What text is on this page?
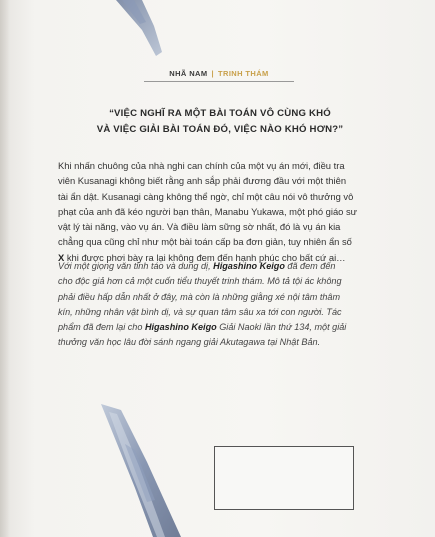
NHÃ NAM | TRINH THÁM
“VIỆC NGHĨ RA MỘT BÀI TOÁN VÔ CÙNG KHÓ
VÀ VIỆC GIẢI BÀI TOÁN ĐÓ, VIỆC NÀO KHÓ HƠN?”
Khi nhấn chuông của nhà nghi can chính của một vụ án mới, điều tra
viên Kusanagi không biết rằng anh sắp phải đương đầu với một thiên
tài ẩn dật. Kusanagi càng không thể ngờ, chỉ một câu nói vô thưởng vô
phạt của anh đã kéo người bạn thân, Manabu Yukawa, một phó giáo sư
vật lý tài năng, vào vụ án. Và điều làm sững sờ nhất, đó là vụ án kia
chẳng qua cũng chỉ như một bài toán cấp ba đơn giản, tuy nhiên ẩn số
X khi được phơi bày ra lại không đem đến hạnh phúc cho bất cứ ai…
Với một giọng văn tỉnh táo và dung dị, Higashino Keigo đã đem đến
cho độc giả hơn cả một cuốn tiểu thuyết trinh thám. Mô tả tội ác không
phải điều hấp dẫn nhất ở đây, mà còn là những giằng xé nội tâm thâm
kín, những nhân vật bình dị, và sự quan tâm sâu xa tới con người. Tác
phẩm đã đem lại cho Higashino Keigo Giải Naoki lần thứ 134, một giải
thưởng văn học lâu đời sánh ngang giải Akutagawa tại Nhật Bản.
